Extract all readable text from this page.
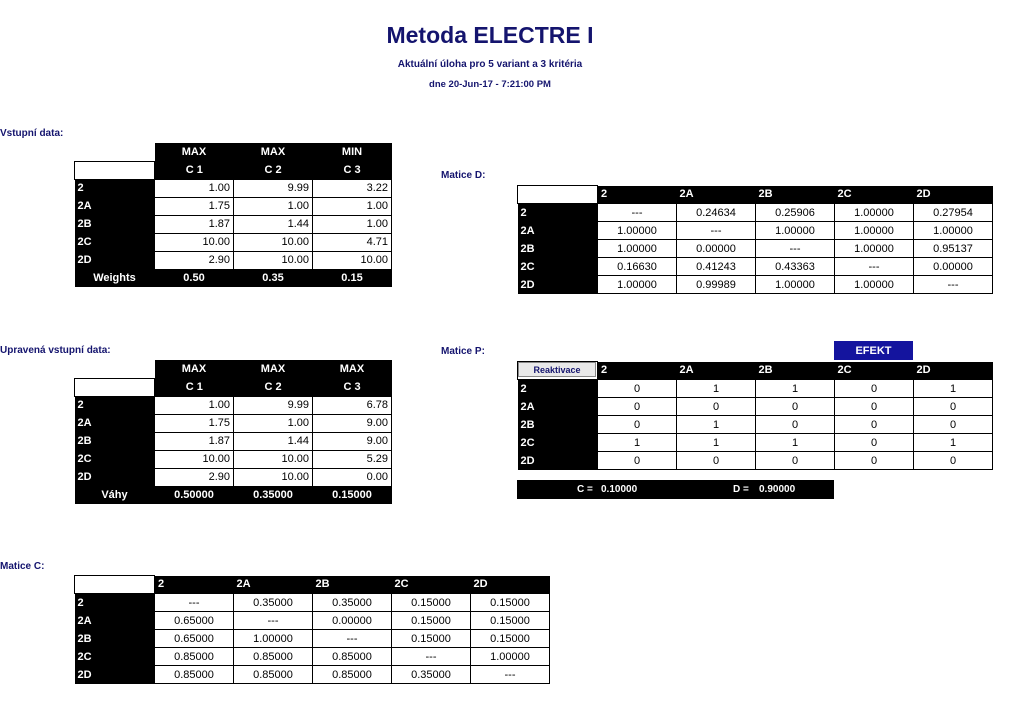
Metoda ELECTRE I
Aktuální úloha pro 5 variant a 3 kritéria
dne 20-Jun-17 - 7:21:00 PM
Vstupní data:
Matice D:
Upravená vstupní data:	Matice P:
Matice C:
	MAX	MAX	MIN
	C 1	C 2	C 3
2	1.00	9.99	3.22
2A	1.75	1.00	1.00
2B	1.87	1.44	1.00
2C	10.00	10.00	4.71
2D	2.90	10.00	10.00
Weights	0.50	0.35	0.15
	2	2A	2B	2C	2D
2	---	0.24634	0.25906	1.00000	0.27954
2A	1.00000	---	1.00000	1.00000	1.00000
2B	1.00000	0.00000	---	1.00000	0.95137
2C	0.16630	0.41243	0.43363	---	0.00000
2D	1.00000	0.99989	1.00000	1.00000	---
	MAX	MAX	MAX
	C 1	C 2	C 3
2	1.00	9.99	6.78
2A	1.75	1.00	9.00
2B	1.87	1.44	9.00
2C	10.00	10.00	5.29
2D	2.90	10.00	0.00
Váhy	0.50000	0.35000	0.15000
EFEKT
	2	2A	2B	2C	2D
2	0	1	1	0	1
2A	0	0	0	0	0
2B	0	1	0	0	0
2C	1	1	1	0	1
2D	0	0	0	0	0
Reaktivace
C = 0.10000	D = 0.90000
	2	2A	2B	2C	2D
2	---	0.35000	0.35000	0.15000	0.15000
2A	0.65000	---	0.00000	0.15000	0.15000
2B	0.65000	1.00000	---	0.15000	0.15000
2C	0.85000	0.85000	0.85000	---	1.00000
2D	0.85000	0.85000	0.85000	0.35000	---
